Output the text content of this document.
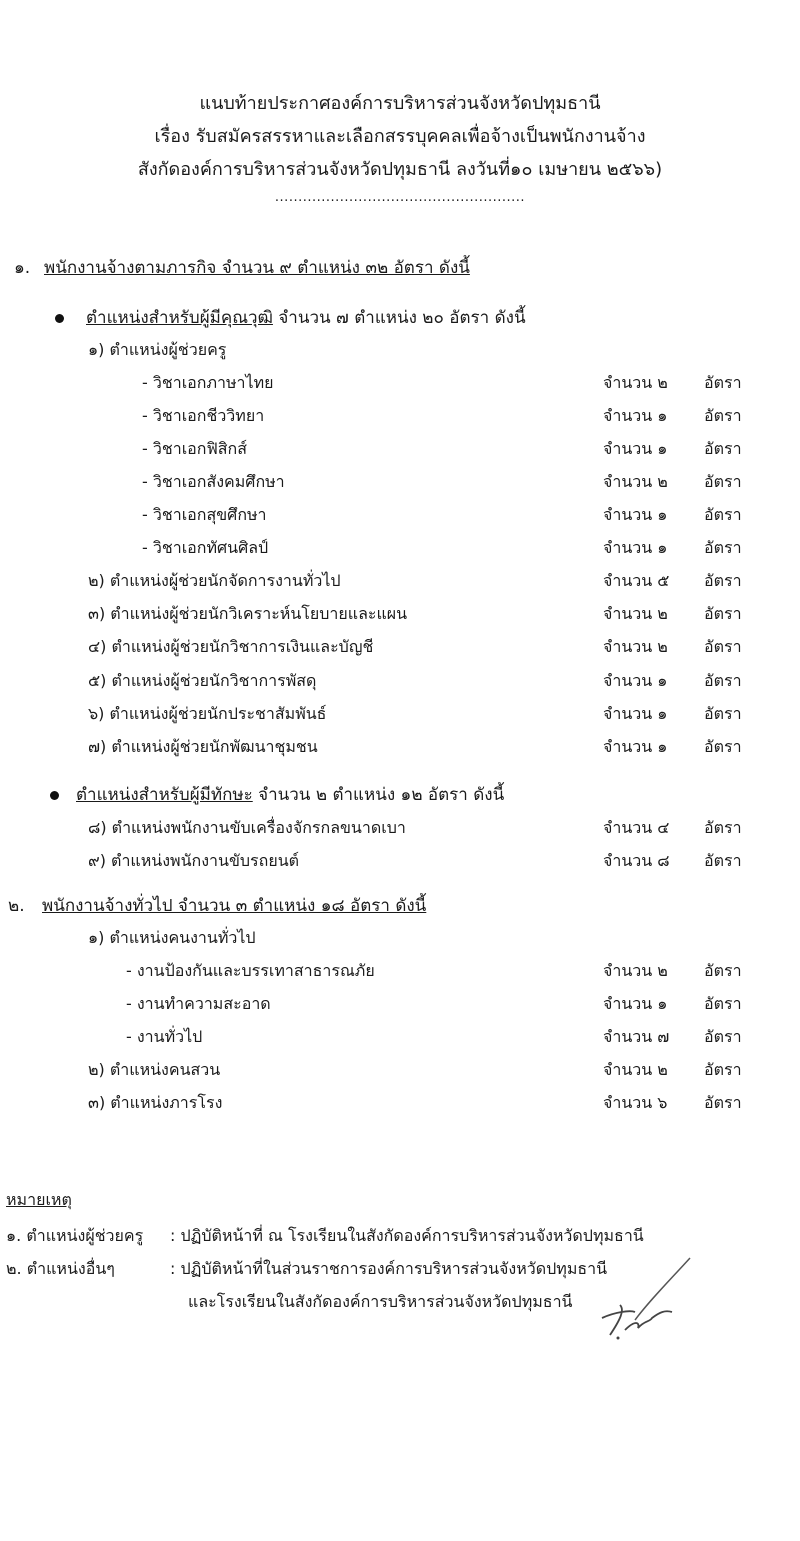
แนบท้ายประกาศองค์การบริหารส่วนจังหวัดปทุมธานี
เรื่อง รับสมัครสรรหาและเลือกสรรบุคคลเพื่อจ้างเป็นพนักงานจ้าง
สังกัดองค์การบริหารส่วนจังหวัดปทุมธานี ลงวันที่๑๐ เมษายน ๒๕๖๖)
......................................................
๑. พนักงานจ้างตามภารกิจ จำนวน ๙ ตำแหน่ง ๓๒ อัตรา ดังนี้
ตำแหน่งสำหรับผู้มีคุณวุฒิ จำนวน ๗ ตำแหน่ง ๒๐ อัตรา ดังนี้
๑) ตำแหน่งผู้ช่วยครู
- วิชาเอกภาษาไทย	จำนวน ๒ อัตรา
- วิชาเอกชีววิทยา	จำนวน ๑ อัตรา
- วิชาเอกฟิสิกส์	จำนวน ๑ อัตรา
- วิชาเอกสังคมศึกษา	จำนวน ๒ อัตรา
- วิชาเอกสุขศึกษา	จำนวน ๑ อัตรา
- วิชาเอกทัศนศิลป์	จำนวน ๑ อัตรา
๒) ตำแหน่งผู้ช่วยนักจัดการงานทั่วไป	จำนวน ๕ อัตรา
๓) ตำแหน่งผู้ช่วยนักวิเคราะห์นโยบายและแผน	จำนวน ๒ อัตรา
๔) ตำแหน่งผู้ช่วยนักวิชาการเงินและบัญชี	จำนวน ๒ อัตรา
๕) ตำแหน่งผู้ช่วยนักวิชาการพัสดุ	จำนวน ๑ อัตรา
๖) ตำแหน่งผู้ช่วยนักประชาสัมพันธ์	จำนวน ๑ อัตรา
๗) ตำแหน่งผู้ช่วยนักพัฒนาชุมชน	จำนวน ๑ อัตรา
ตำแหน่งสำหรับผู้มีทักษะ จำนวน ๒ ตำแหน่ง ๑๒ อัตรา ดังนี้
๘) ตำแหน่งพนักงานขับเครื่องจักรกลขนาดเบา	จำนวน ๔ อัตรา
๙) ตำแหน่งพนักงานขับรถยนต์	จำนวน ๘ อัตรา
๒. พนักงานจ้างทั่วไป จำนวน ๓ ตำแหน่ง ๑๘ อัตรา ดังนี้
๑) ตำแหน่งคนงานทั่วไป
- งานป้องกันและบรรเทาสาธารณภัย	จำนวน ๒ อัตรา
- งานทำความสะอาด	จำนวน ๑ อัตรา
- งานทั่วไป	จำนวน ๗ อัตรา
๒) ตำแหน่งคนสวน	จำนวน ๒ อัตรา
๓) ตำแหน่งภารโรง	จำนวน ๖ อัตรา
หมายเหตุ
๑. ตำแหน่งผู้ช่วยครู : ปฏิบัติหน้าที่ ณ โรงเรียนในสังกัดองค์การบริหารส่วนจังหวัดปทุมธานี
๒. ตำแหน่งอื่นๆ	: ปฏิบัติหน้าที่ในส่วนราชการองค์การบริหารส่วนจังหวัดปทุมธานี
และโรงเรียนในสังกัดองค์การบริหารส่วนจังหวัดปทุมธานี
